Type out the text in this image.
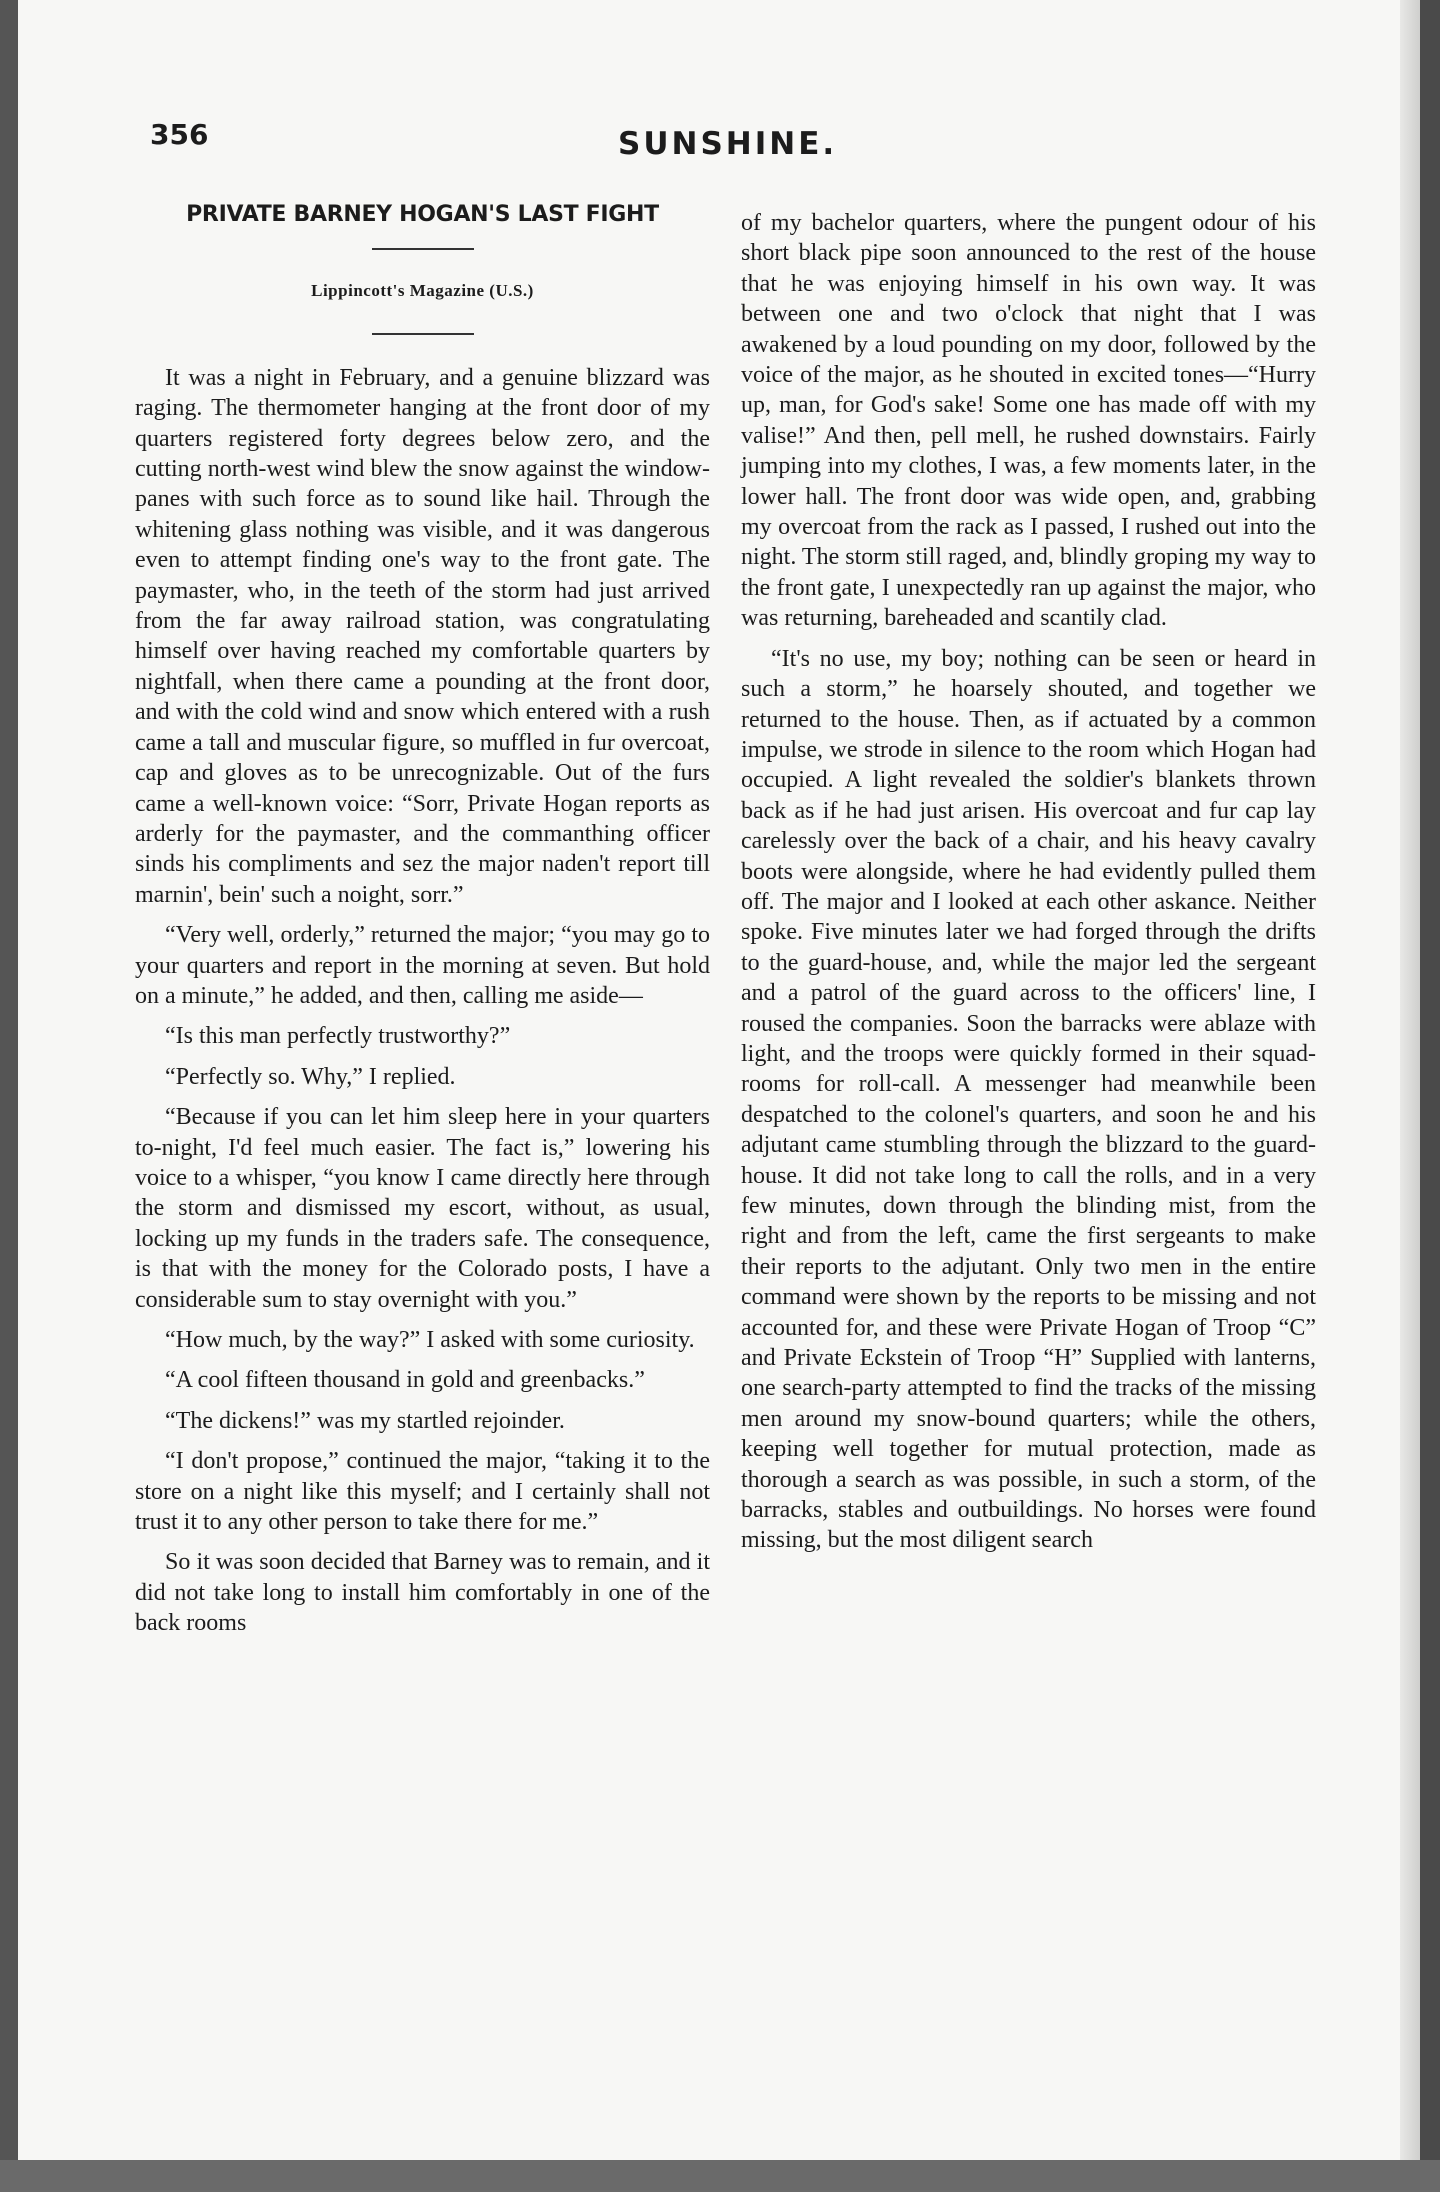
356	SUNSHINE.
PRIVATE BARNEY HOGAN'S LAST FIGHT
Lippincott's Magazine (U.S.)

It was a night in February, and a genuine blizzard was raging. The thermometer hanging at the front door of my quarters registered forty degrees below zero, and the cutting north-west wind blew the snow against the window-panes with such force as to sound like hail. Through the whitening glass nothing was visible, and it was dangerous even to attempt finding one's way to the front gate. The paymaster, who, in the teeth of the storm had just arrived from the far away railroad station, was congratulating himself over having reached my comfortable quarters by nightfall, when there came a pounding at the front door, and with the cold wind and snow which entered with a rush came a tall and muscular figure, so muffled in fur overcoat, cap and gloves as to be unrecognizable. Out of the furs came a well-known voice: “Sorr, Private Hogan reports as arderly for the paymaster, and the commanthing officer sinds his compliments and sez the major naden't report till marnin', bein' such a noight, sorr.”

“Very well, orderly,” returned the major; “you may go to your quarters and report in the morning at seven. But hold on a minute,” he added, and then, calling me aside—

“Is this man perfectly trustworthy?”

“Perfectly so. Why,” I replied.

“Because if you can let him sleep here in your quarters to-night, I'd feel much easier. The fact is,” lowering his voice to a whisper, “you know I came directly here through the storm and dismissed my escort, without, as usual, locking up my funds in the traders safe. The consequence, is that with the money for the Colorado posts, I have a considerable sum to stay overnight with you.”

“How much, by the way?” I asked with some curiosity.

“A cool fifteen thousand in gold and greenbacks.”

“The dickens!” was my startled rejoinder.

“I don't propose,” continued the major, “taking it to the store on a night like this myself; and I certainly shall not trust it to any other person to take there for me.”

So it was soon decided that Barney was to remain, and it did not take long to install him comfortably in one of the back rooms

of my bachelor quarters, where the pungent odour of his short black pipe soon announced to the rest of the house that he was enjoying himself in his own way. It was between one and two o'clock that night that I was awakened by a loud pounding on my door, followed by the voice of the major, as he shouted in excited tones—“Hurry up, man, for God's sake! Some one has made off with my valise!” And then, pell mell, he rushed downstairs. Fairly jumping into my clothes, I was, a few moments later, in the lower hall. The front door was wide open, and, grabbing my overcoat from the rack as I passed, I rushed out into the night. The storm still raged, and, blindly groping my way to the front gate, I unexpectedly ran up against the major, who was returning, bareheaded and scantily clad.

“It's no use, my boy; nothing can be seen or heard in such a storm,” he hoarsely shouted, and together we returned to the house. Then, as if actuated by a common impulse, we strode in silence to the room which Hogan had occupied. A light revealed the soldier's blankets thrown back as if he had just arisen. His overcoat and fur cap lay carelessly over the back of a chair, and his heavy cavalry boots were alongside, where he had evidently pulled them off. The major and I looked at each other askance. Neither spoke. Five minutes later we had forged through the drifts to the guard-house, and, while the major led the sergeant and a patrol of the guard across to the officers' line, I roused the companies. Soon the barracks were ablaze with light, and the troops were quickly formed in their squad-rooms for roll-call. A messenger had meanwhile been despatched to the colonel's quarters, and soon he and his adjutant came stumbling through the blizzard to the guard-house. It did not take long to call the rolls, and in a very few minutes, down through the blinding mist, from the right and from the left, came the first sergeants to make their reports to the adjutant. Only two men in the entire command were shown by the reports to be missing and not accounted for, and these were Private Hogan of Troop “C” and Private Eckstein of Troop “H” Supplied with lanterns, one search-party attempted to find the tracks of the missing men around my snow-bound quarters; while the others, keeping well together for mutual protection, made as thorough a search as was possible, in such a storm, of the barracks, stables and outbuildings. No horses were found missing, but the most diligent search
